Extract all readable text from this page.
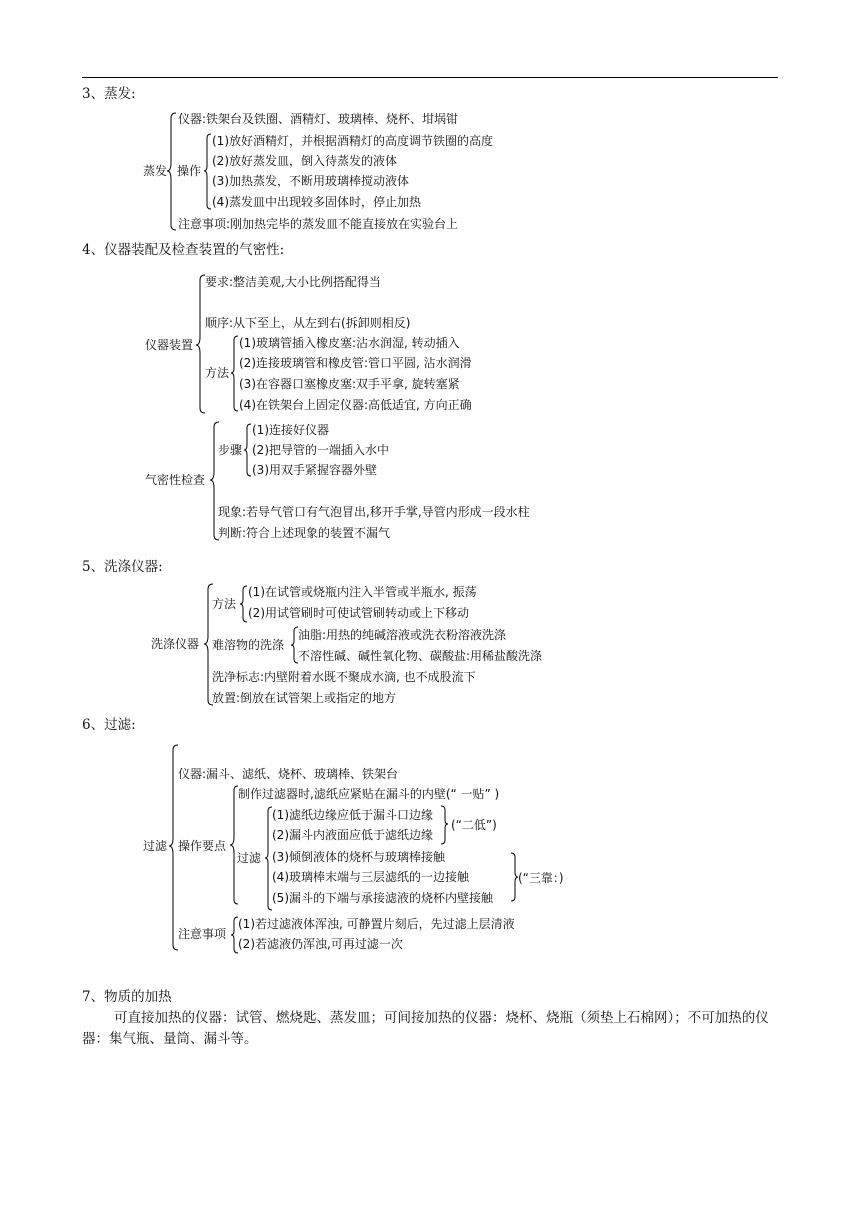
3、蒸发:
蒸发
仪器 :铁架台及铁圈、酒精灯、玻璃棒、烧杯、坩埚钳
操作
(1)放好酒精灯，并根据酒精灯的高度调节铁圈的高度
(2)放好蒸发皿，倒入待蒸发的液体
(3)加热蒸发，不断用玻璃棒搅动液体
(4)蒸发皿中出现较多固体时，停止加热
注意事项 :刚加热完毕的蒸发皿不能直接放在实验台上
4、仪器装配及检查装置的气密性:
仪器装置
要求 :整洁美观,大小比例搭配得当
顺序 :从下至上，从左到右(拆卸则相反)
方法
(1)玻璃管插入橡皮塞:沾水润湿, 转动插入
(2)连接玻璃管和橡皮管:管口平圆, 沾水润滑
(3)在容器口塞橡皮塞:双手平拿, 旋转塞紧
(4)在铁架台上固定仪器:高低适宜, 方向正确
气密性检查
步骤
(1)连接好仪器
(2)把导管的一端插入水中
(3)用双手紧握容器外壁
现象 :若导气管口有气泡冒出,移开手掌,导管内形成一段水柱
判断 :符合上述现象的装置不漏气
5、洗涤仪器:
洗涤仪器
方法
(1)在试管或烧瓶内注入半管或半瓶水, 振荡
(2)用试管刷时可使试管刷转动或上下移动
难溶物的洗涤
油脂:用热的纯碱溶液或洗衣粉溶液洗涤
不溶性碱、碱性氧化物、碳酸盐:用稀盐酸洗涤
洗净标志 :内壁附着水既不聚成水滴, 也不成股流下
放置 :倒放在试管架上或指定的地方
6、过滤:
过滤
仪器 :漏斗、滤纸、烧杯、玻璃棒、铁架台
操作要点
制作过滤器时,滤纸应紧贴在漏斗的内壁(“ 一贴” )
过滤
(1)滤纸边缘应低于漏斗口边缘
(2)漏斗内液面应低于滤纸边缘
(“二低”)
(3)倾倒液体的烧杯与玻璃棒接触
(4)玻璃棒末端与三层滤纸的一边接触
(5)漏斗的下端与承接滤液的烧杯内壁接触
(“三靠：)
注意事项
(1)若过滤液体浑浊, 可静置片刻后，先过滤上层清液
(2)若滤液仍浑浊,可再过滤一次
7、物质的加热
可直接加热的仪器：试管、燃烧匙、蒸发皿；可间接加热的仪器：烧杯、烧瓶（须垫上石棉网）；不可加热的仪器：集气瓶、量筒、漏斗等。
